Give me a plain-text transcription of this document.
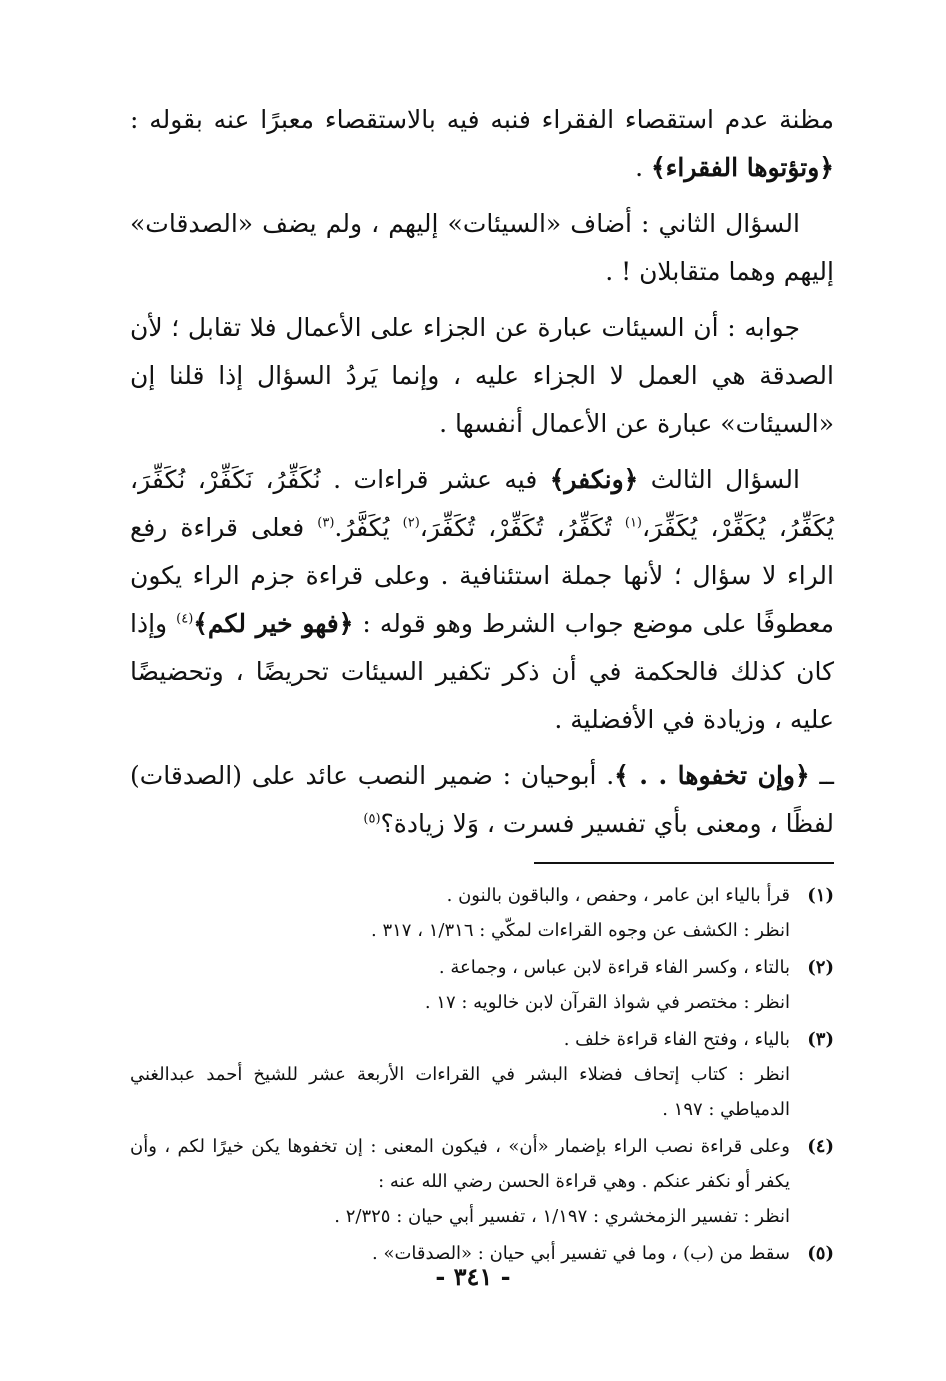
مظنة عدم استقصاء الفقراء فنبه فيه بالاستقصاء معبرًا عنه بقوله : ﴿وتؤتوها الفقراء﴾ .

السؤال الثاني : أضاف «السيئات» إليهم ، ولم يضف «الصدقات» إليهم وهما متقابلان ! .

جوابه : أن السيئات عبارة عن الجزاء على الأعمال فلا تقابل ؛ لأن الصدقة هي العمل لا الجزاء عليه ، وإنما يَردُ السؤال إذا قلنا إن «السيئات» عبارة عن الأعمال أنفسها .

السؤال الثالث ﴿ونكفر﴾ فيه عشر قراءات . نُكَفِّرُ، نَكَفِّرْ، نُكَفِّرَ، يُكَفِّرُ، يُكَفِّرْ، يُكَفِّرَ،$^{(١)}$ تُكَفِّرُ، تُكَفِّرْ، تُكَفِّرَ،$^{(٢)}$ يُكَفَّرُ.$^{(٣)}$ فعلى قراءة رفع الراء لا سؤال ؛ لأنها جملة استئنافية . وعلى قراءة جزم الراء يكون معطوفًا على موضع جواب الشرط وهو قوله : ﴿فهو خير لكم﴾$^{(٤)}$ وإذا كان كذلك فالحكمة في أن ذكر تكفير السيئات تحريضًا ، وتحضيضًا عليه ، وزيادة في الأفضلية .

ــ ﴿وإن تخفوها . . ﴾. أبوحيان : ضمير النصب عائد على (الصدقات) لفظًا ، ومعنى بأي تفسير فسرت ، وَلا زيادة؟$^{(٥)}$

(١)
قرأ بالياء ابن عامر ، وحفص ، والباقون بالنون .
انظر : الكشف عن وجوه القراءات لمكّي : ١/٣١٦ ، ٣١٧ .
(٢)
بالتاء ، وكسر الفاء قراءة لابن عباس ، وجماعة .
انظر : مختصر في شواذ القرآن لابن خالويه : ١٧ .
(٣)
بالياء ، وفتح الفاء قراءة خلف .
انظر : كتاب إتحاف فضلاء البشر في القراءات الأربعة عشر للشيخ أحمد عبدالغني الدمياطي : ١٩٧ .
(٤)
وعلى قراءة نصب الراء بإضمار «أن» ، فيكون المعنى : إن تخفوها يكن خيرًا لكم ، وأن يكفر أو نكفر عنكم . وهي قراءة الحسن رضي الله عنه :
انظر : تفسير الزمخشري : ١/١٩٧ ، تفسير أبي حيان : ٢/٣٢٥ .
(٥)
سقط من (ب) ، وما في تفسير أبي حيان : «الصدقات» .
- ٣٤١ -
